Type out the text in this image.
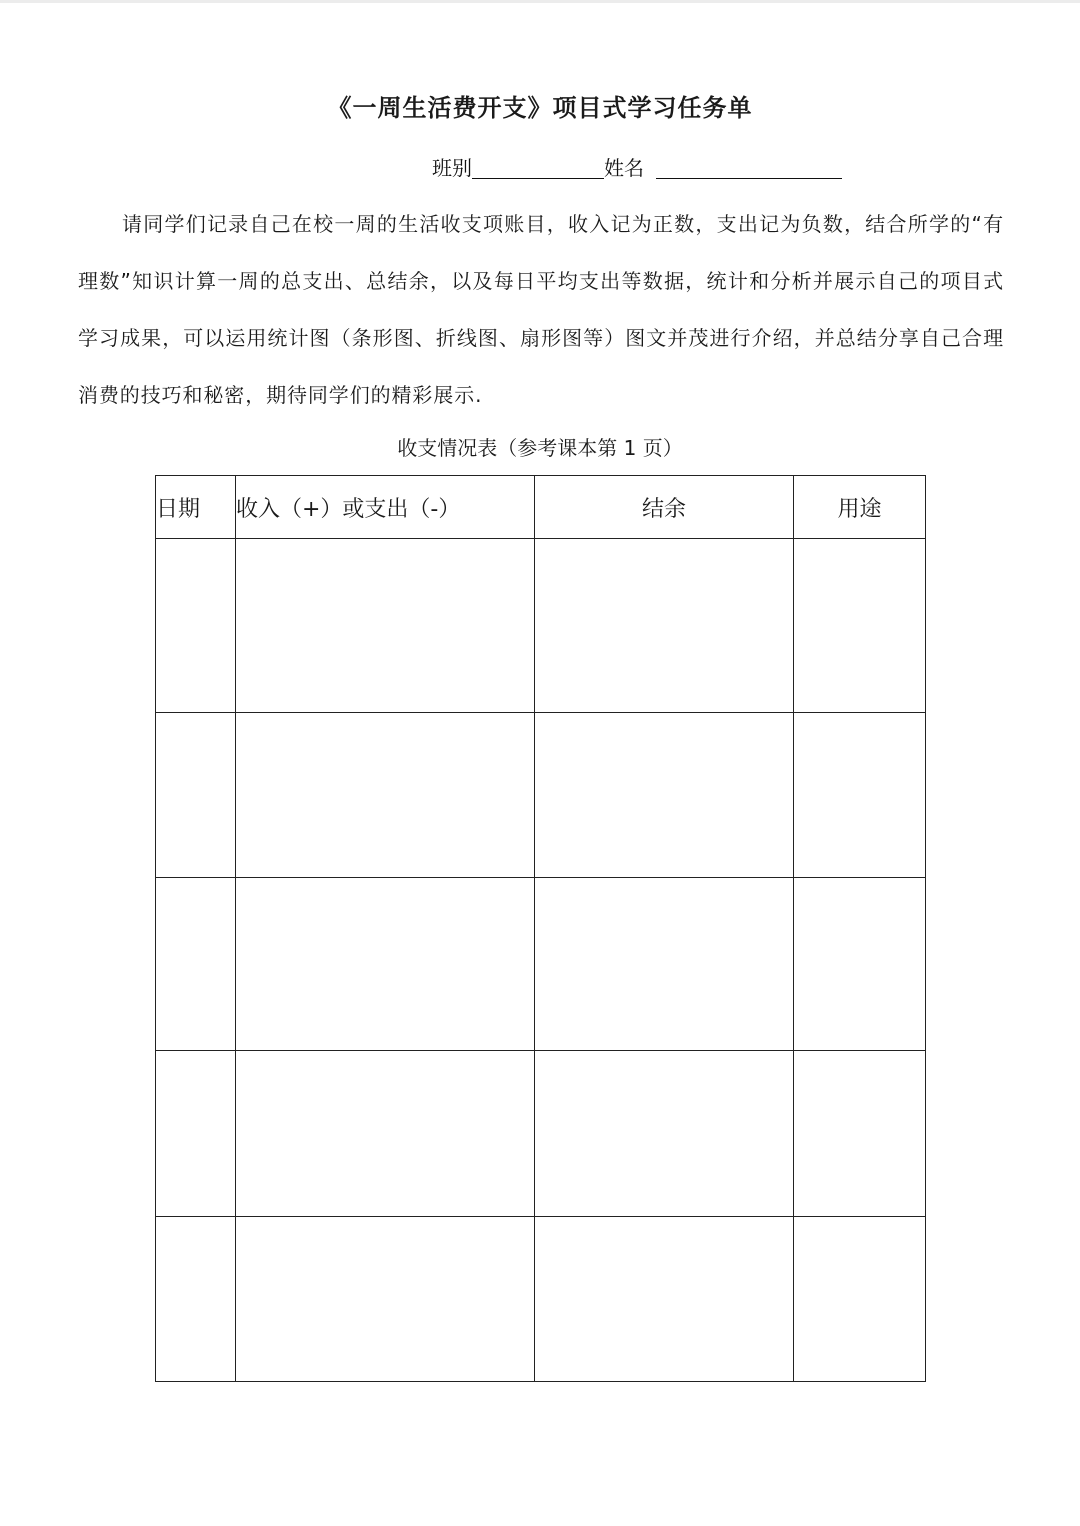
《一周生活费开支》项目式学习任务单
班别	姓名
请同学们记录自己在校一周的生活收支项账目，收入记为正数，支出记为负数，结合所学的“有理数”知识计算一周的总支出、总结余，以及每日平均支出等数据，统计和分析并展示自己的项目式学习成果，可以运用统计图（条形图、折线图、扇形图等）图文并茂进行介绍，并总结分享自己合理消费的技巧和秘密，期待同学们的精彩展示.
收支情况表（参考课本第 1 页）
日期	收入（+）或支出（-）	结余	用途
